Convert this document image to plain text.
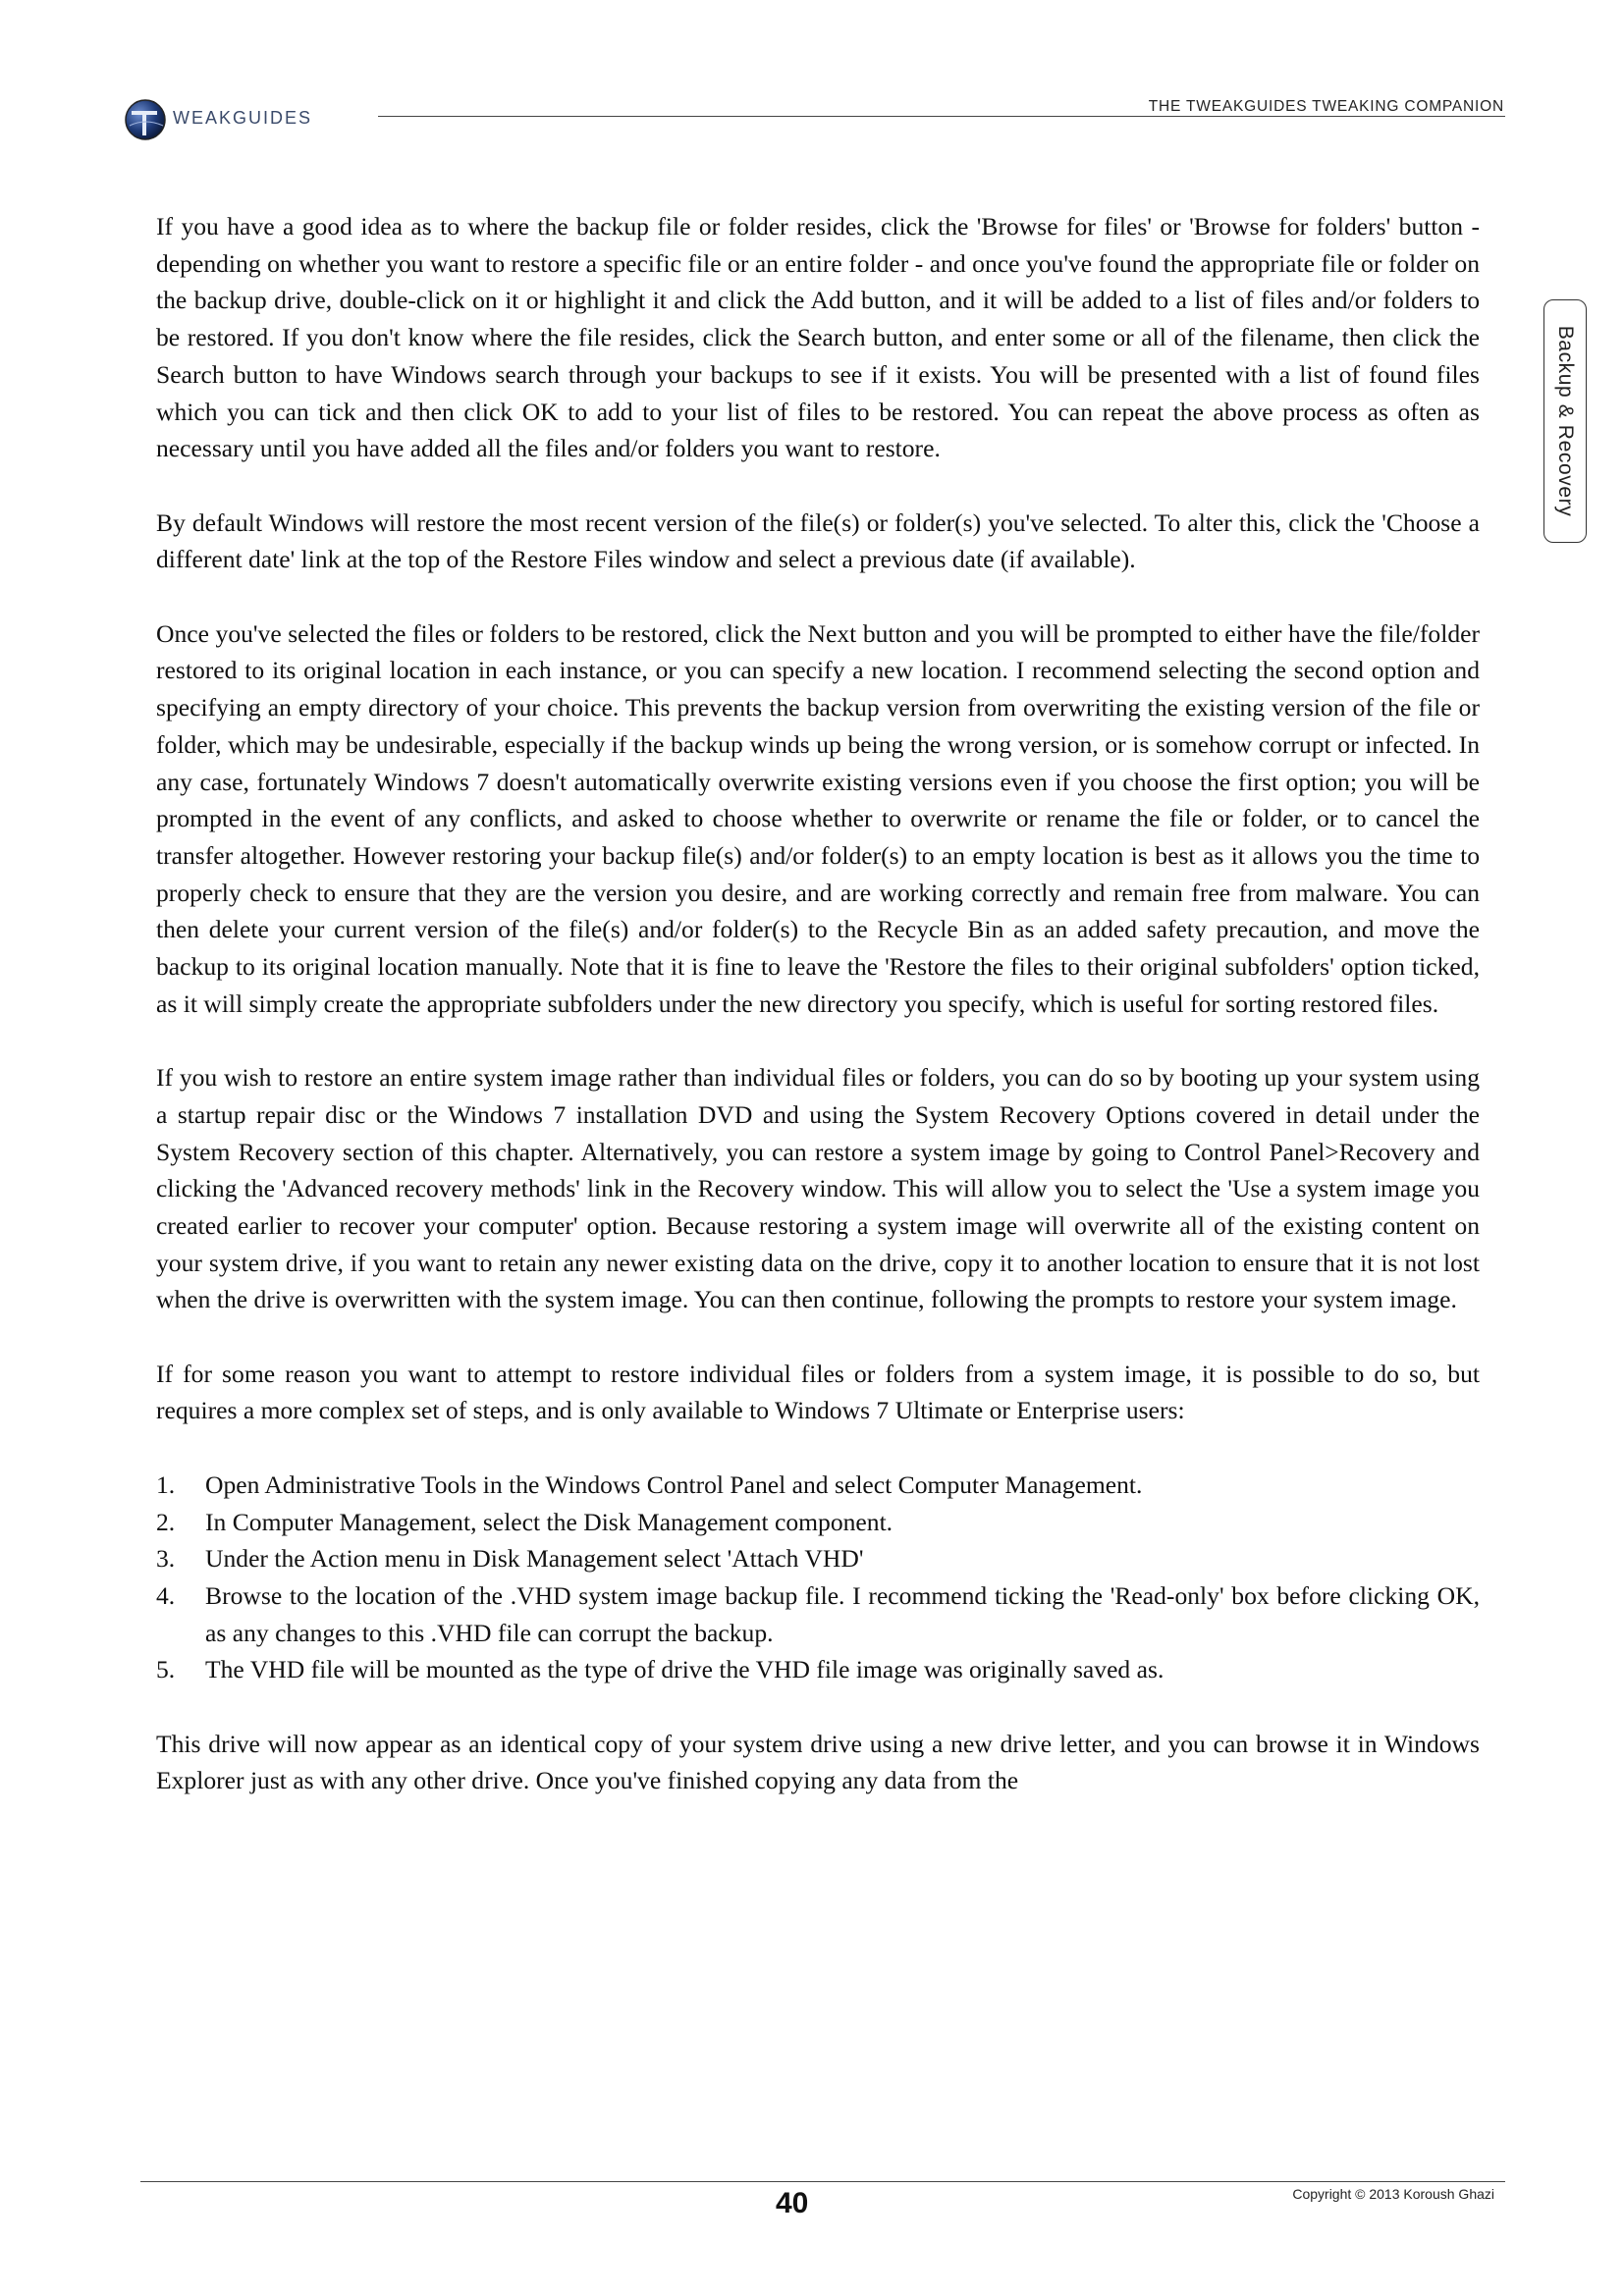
WEAKGUIDES
THE TWEAKGUIDES TWEAKING COMPANION
Backup & Recovery

If you have a good idea as to where the backup file or folder resides, click the 'Browse for files' or 'Browse for folders' button - depending on whether you want to restore a specific file or an entire folder - and once you've found the appropriate file or folder on the backup drive, double-click on it or highlight it and click the Add button, and it will be added to a list of files and/or folders to be restored. If you don't know where the file resides, click the Search button, and enter some or all of the filename, then click the Search button to have Windows search through your backups to see if it exists. You will be presented with a list of found files which you can tick and then click OK to add to your list of files to be restored. You can repeat the above process as often as necessary until you have added all the files and/or folders you want to restore.

By default Windows will restore the most recent version of the file(s) or folder(s) you've selected. To alter this, click the 'Choose a different date' link at the top of the Restore Files window and select a previous date (if available).

Once you've selected the files or folders to be restored, click the Next button and you will be prompted to either have the file/folder restored to its original location in each instance, or you can specify a new location. I recommend selecting the second option and specifying an empty directory of your choice. This prevents the backup version from overwriting the existing version of the file or folder, which may be undesirable, especially if the backup winds up being the wrong version, or is somehow corrupt or infected. In any case, fortunately Windows 7 doesn't automatically overwrite existing versions even if you choose the first option; you will be prompted in the event of any conflicts, and asked to choose whether to overwrite or rename the file or folder, or to cancel the transfer altogether. However restoring your backup file(s) and/or folder(s) to an empty location is best as it allows you the time to properly check to ensure that they are the version you desire, and are working correctly and remain free from malware. You can then delete your current version of the file(s) and/or folder(s) to the Recycle Bin as an added safety precaution, and move the backup to its original location manually. Note that it is fine to leave the 'Restore the files to their original subfolders' option ticked, as it will simply create the appropriate subfolders under the new directory you specify, which is useful for sorting restored files.

If you wish to restore an entire system image rather than individual files or folders, you can do so by booting up your system using a startup repair disc or the Windows 7 installation DVD and using the System Recovery Options covered in detail under the System Recovery section of this chapter. Alternatively, you can restore a system image by going to Control Panel>Recovery and clicking the 'Advanced recovery methods' link in the Recovery window. This will allow you to select the 'Use a system image you created earlier to recover your computer' option. Because restoring a system image will overwrite all of the existing content on your system drive, if you want to retain any newer existing data on the drive, copy it to another location to ensure that it is not lost when the drive is overwritten with the system image. You can then continue, following the prompts to restore your system image.

If for some reason you want to attempt to restore individual files or folders from a system image, it is possible to do so, but requires a more complex set of steps, and is only available to Windows 7 Ultimate or Enterprise users:

1. Open Administrative Tools in the Windows Control Panel and select Computer Management.
2. In Computer Management, select the Disk Management component.
3. Under the Action menu in Disk Management select 'Attach VHD'
4. Browse to the location of the .VHD system image backup file. I recommend ticking the 'Read-only' box before clicking OK, as any changes to this .VHD file can corrupt the backup.
5. The VHD file will be mounted as the type of drive the VHD file image was originally saved as.

This drive will now appear as an identical copy of your system drive using a new drive letter, and you can browse it in Windows Explorer just as with any other drive. Once you've finished copying any data from the

40	Copyright © 2013 Koroush Ghazi
